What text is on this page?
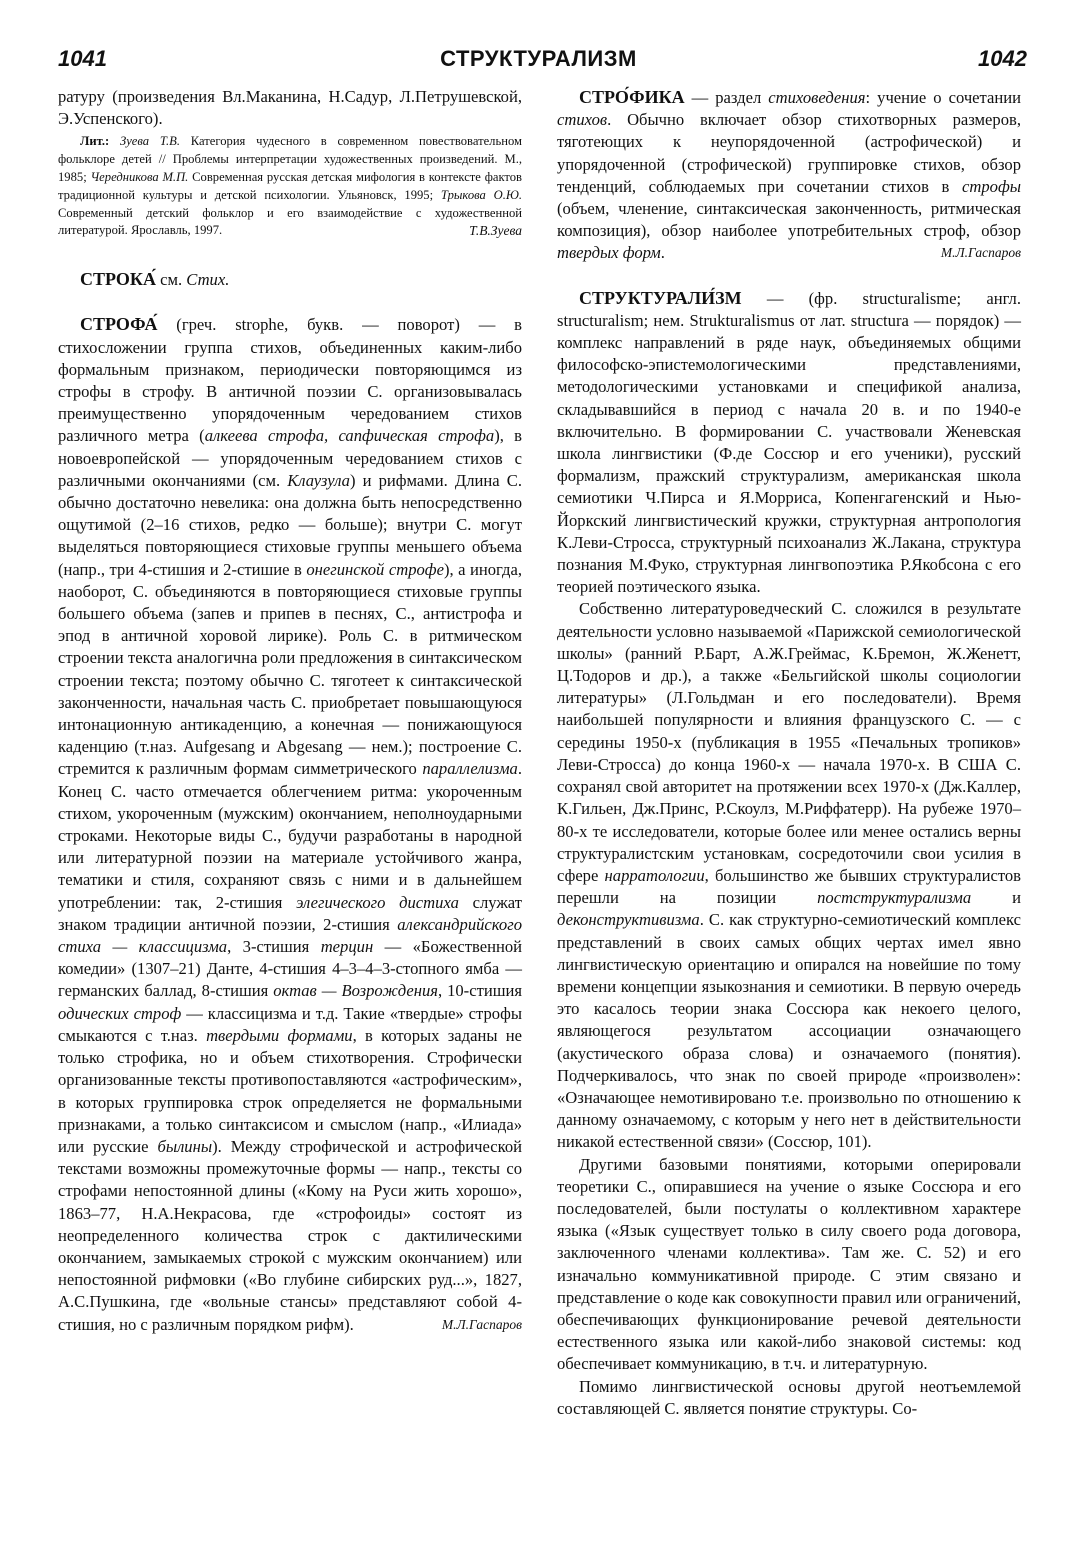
1041	СТРУКТУРАЛИЗМ	1042

ратуру (произведения Вл.Маканина, Н.Садур, Л.Петрушевской, Э.Успенского).

Лит.: Зуева Т.В. Категория чудесного в современном повествовательном фольклоре детей // Проблемы интерпретации художественных произведений. М., 1985; Чередникова М.П. Современная русская детская мифология в контексте фактов традиционной культуры и детской психологии. Ульяновск, 1995; Трыкова О.Ю. Современный детский фольклор и его взаимодействие с художественной литературой. Ярославль, 1997.	Т.В.Зуева

СТРОКА́ см. Стих.

СТРОФА́ (греч. strophe, букв. — поворот) — в стихосложении группа стихов, объединенных каким-либо формальным признаком, периодически повторяющимся из строфы в строфу. В античной поэзии С. организовывалась преимущественно упорядоченным чередованием стихов различного метра (алкеева строфа, сапфическая строфа), в новоевропейской — упорядоченным чередованием стихов с различными окончаниями (см. Клаузула) и рифмами. Длина С. обычно достаточно невелика: она должна быть непосредственно ощутимой (2–16 стихов, редко — больше); внутри С. могут выделяться повторяющиеся стиховые группы меньшего объема (напр., три 4-стишия и 2-стишие в онегинской строфе), а иногда, наоборот, С. объединяются в повторяющиеся стиховые группы большего объема (запев и припев в песнях, С., антистрофа и эпод в античной хоровой лирике). Роль С. в ритмическом строении текста аналогична роли предложения в синтаксическом строении текста; поэтому обычно С. тяготеет к синтаксической законченности, начальная часть С. приобретает повышающуюся интонационную антикаденцию, а конечная — понижающуюся каденцию (т.наз. Aufgesang и Abgesang — нем.); построение С. стремится к различным формам симметрического параллелизма. Конец С. часто отмечается облегчением ритма: укороченным стихом, укороченным (мужским) окончанием, неполноударными строками. Некоторые виды С., будучи разработаны в народной или литературной поэзии на материале устойчивого жанра, тематики и стиля, сохраняют связь с ними и в дальнейшем употреблении: так, 2-стишия элегического дистиха служат знаком традиции античной поэзии, 2-стишия александрийского стиха — классицизма, 3-стишия терцин — «Божественной комедии» (1307–21) Данте, 4-стишия 4–3–4–3-стопного ямба — германских баллад, 8-стишия октав — Возрождения, 10-стишия одических строф — классицизма и т.д. Такие «твердые» строфы смыкаются с т.наз. твердыми формами, в которых заданы не только строфика, но и объем стихотворения. Строфически организованные тексты противопоставляются «астрофическим», в которых группировка строк определяется не формальными признаками, а только синтаксисом и смыслом (напр., «Илиада» или русские былины). Между строфической и астрофической текстами возможны промежуточные формы — напр., тексты со строфами непостоянной длины («Кому на Руси жить хорошо», 1863–77, Н.А.Некрасова, где «строфоиды» состоят из неопределенного количества строк с дактилическими окончанием, замыкаемых строкой с мужским окончанием) или непостоянной рифмовки («Во глубине сибирских руд...», 1827, А.С.Пушкина, где «вольные стансы» представляют собой 4-стишия, но с различным порядком рифм).	М.Л.Гаспаров

СТРО́ФИКА — раздел стиховедения: учение о сочетании стихов. Обычно включает обзор стихотворных размеров, тяготеющих к неупорядоченной (астрофической) и упорядоченной (строфической) группировке стихов, обзор тенденций, соблюдаемых при сочетании стихов в строфы (объем, членение, синтаксическая законченность, ритмическая композиция), обзор наиболее употребительных строф, обзор твердых форм.	М.Л.Гаспаров

СТРУКТУРАЛИ́ЗМ — (фр. structuralisme; англ. structuralism; нем. Strukturalismus от лат. structura — порядок) — комплекс направлений в ряде наук, объединяемых общими философско-эпистемологическими представлениями, методологическими установками и спецификой анализа, складывавшийся в период с начала 20 в. и по 1940-е включительно. В формировании С. участвовали Женевская школа лингвистики (Ф.де Соссюр и его ученики), русский формализм, пражский структурализм, американская школа семиотики Ч.Пирса и Я.Морриса, Копенгагенский и Нью-Йоркский лингвистический кружки, структурная антропология К.Леви-Стросса, структурный психоанализ Ж.Лакана, структура познания М.Фуко, структурная лингвопоэтика Р.Якобсона с его теорией поэтического языка.

Собственно литературоведческий С. сложился в результате деятельности условно называемой «Парижской семиологической школы» (ранний Р.Барт, А.Ж.Греймас, К.Бремон, Ж.Женетт, Ц.Тодоров и др.), а также «Бельгийской школы социологии литературы» (Л.Гольдман и его последователи). Время наибольшей популярности и влияния французского С. — с середины 1950-х (публикация в 1955 «Печальных тропиков» Леви-Стросса) до конца 1960-х — начала 1970-х. В США С. сохранял свой авторитет на протяжении всех 1970-х (Дж.Каллер, К.Гильен, Дж.Принс, Р.Скоулз, М.Риффатерр). На рубеже 1970–80-х те исследователи, которые более или менее остались верны структуралистским установкам, сосредоточили свои усилия в сфере нарратологии, большинство же бывших структуралистов перешли на позиции постструктурализма и деконструктивизма. С. как структурно-семиотический комплекс представлений в своих самых общих чертах имел явно лингвистическую ориентацию и опирался на новейшие по тому времени концепции языкознания и семиотики. В первую очередь это касалось теории знака Соссюра как некоего целого, являющегося результатом ассоциации означающего (акустического образа слова) и означаемого (понятия). Подчеркивалось, что знак по своей природе «произволен»: «Означающее немотивировано т.е. произвольно по отношению к данному означаемому, с которым у него нет в действительности никакой естественной связи» (Соссюр, 101).

Другими базовыми понятиями, которыми оперировали теоретики С., опиравшиеся на учение о языке Соссюра и его последователей, были постулаты о коллективном характере языка («Язык существует только в силу своего рода договора, заключенного членами коллектива». Там же. С. 52) и его изначально коммуникативной природе. С этим связано и представление о коде как совокупности правил или ограничений, обеспечивающих функционирование речевой деятельности естественного языка или какой-либо знаковой системы: код обеспечивает коммуникацию, в т.ч. и литературную.

Помимо лингвистической основы другой неотъемлемой составляющей С. является понятие структуры. Со-
